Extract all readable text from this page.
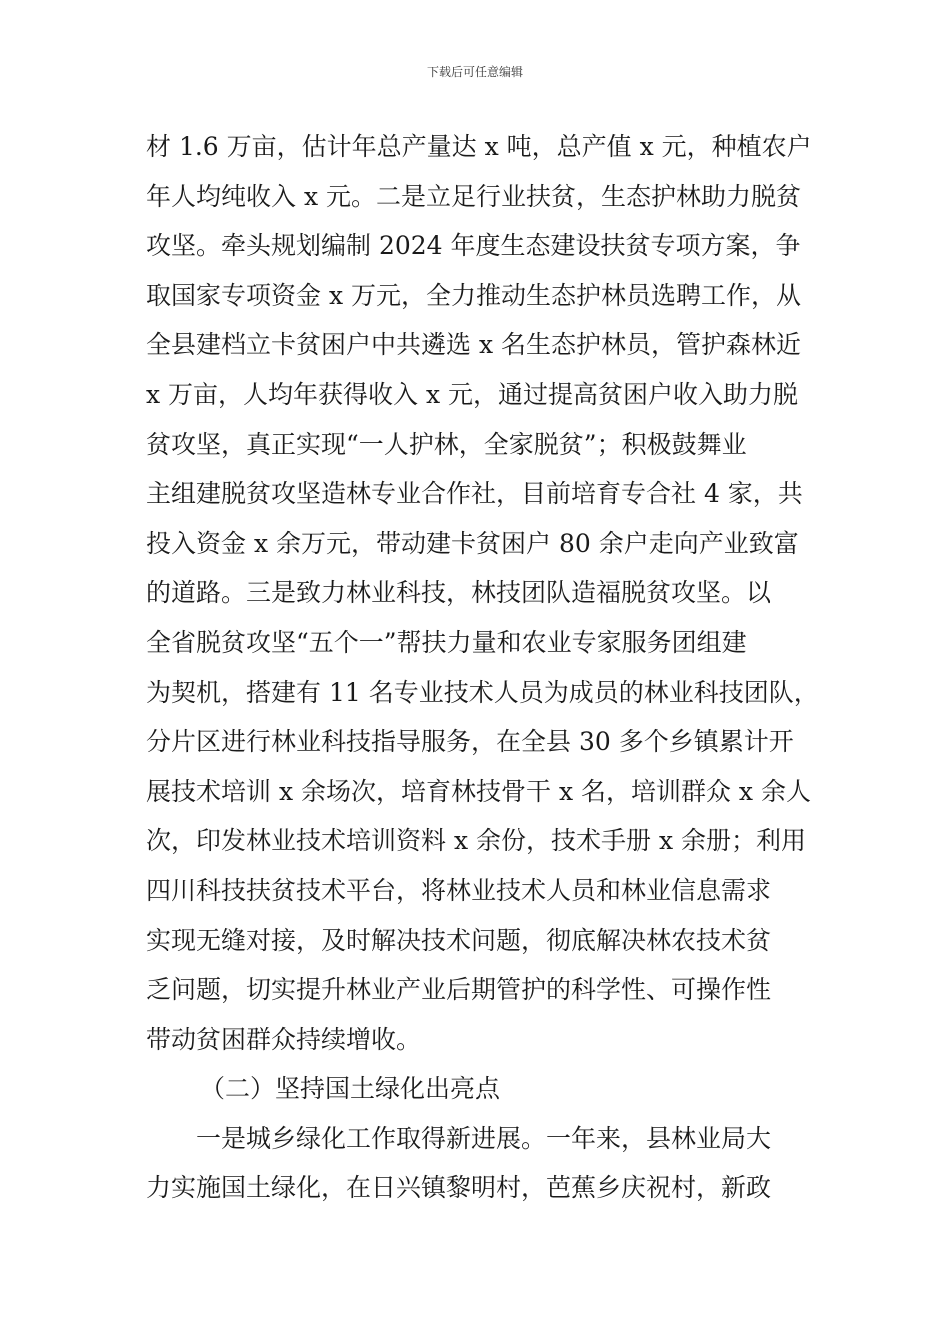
下载后可任意编辑
材 1.6 万亩，估计年总产量达 x 吨，总产值 x 元，种植农户
年人均纯收入 x 元。二是立足行业扶贫，生态护林助力脱贫
攻坚。牵头规划编制 2024 年度生态建设扶贫专项方案，争
取国家专项资金 x 万元，全力推动生态护林员选聘工作，从
全县建档立卡贫困户中共遴选 x 名生态护林员，管护森林近
x 万亩，人均年获得收入 x 元，通过提高贫困户收入助力脱
贫攻坚，真正实现“一人护林，全家脱贫”；积极鼓舞业
主组建脱贫攻坚造林专业合作社，目前培育专合社 4 家，共
投入资金 x 余万元，带动建卡贫困户 80 余户走向产业致富
的道路。三是致力林业科技，林技团队造福脱贫攻坚。以
全省脱贫攻坚“五个一”帮扶力量和农业专家服务团组建
为契机，搭建有 11 名专业技术人员为成员的林业科技团队，
分片区进行林业科技指导服务，在全县 30 多个乡镇累计开
展技术培训 x 余场次，培育林技骨干 x 名，培训群众 x 余人
次，印发林业技术培训资料 x 余份，技术手册 x 余册；利用
四川科技扶贫技术平台，将林业技术人员和林业信息需求
实现无缝对接，及时解决技术问题，彻底解决林农技术贫
乏问题，切实提升林业产业后期管护的科学性、可操作性
带动贫困群众持续增收。
（二）坚持国土绿化出亮点
一是城乡绿化工作取得新进展。一年来，县林业局大
力实施国土绿化，在日兴镇黎明村，芭蕉乡庆祝村，新政
